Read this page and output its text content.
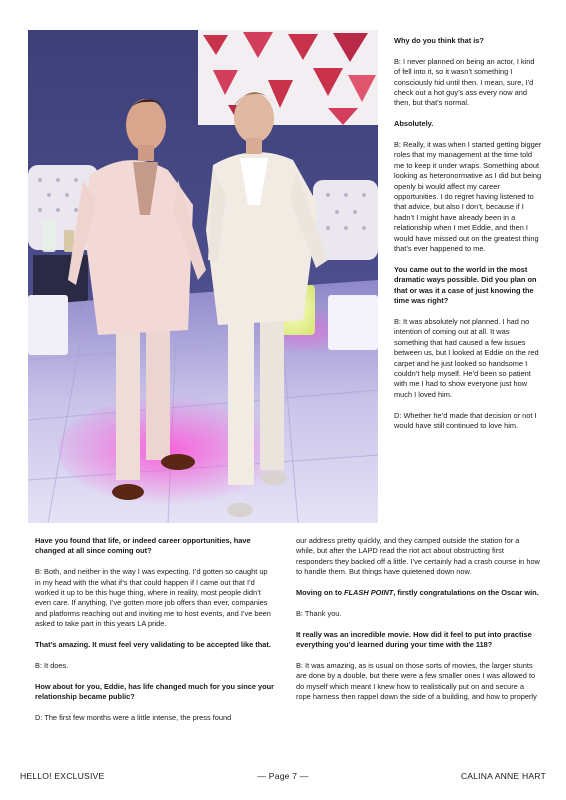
Why do you think that is?

B: I never planned on being an actor, I kind of fell into it, so it wasn’t something I consciously hid until then. I mean, sure, I’d check out a hot guy’s ass every now and then, but that’s normal.

Absolutely.

B: Really, it was when I started getting bigger roles that my management at the time told me to keep it under wraps. Something about looking as heteronormative as I did but being openly bi would affect my career opportunities. I do regret having listened to that advice, but also I don’t, because if I hadn’t I might have already been in a relationship when I met Eddie, and then I would have missed out on the greatest thing that’s ever happened to me.

You came out to the world in the most dramatic ways possible. Did you plan on that or was it a case of just knowing the time was right?

B: It was absolutely not planned. I had no intention of coming out at all. It was something that had caused a few issues between us, but I looked at Eddie on the red carpet and he just looked so handsome I couldn’t help myself. He’d been so patient with me I had to show everyone just how much I loved him.

D: Whether he’d made that decision or not I would have still continued to love him.

Have you found that life, or indeed career opportunities, have changed at all since coming out?

B: Both, and neither in the way I was expecting. I’d gotten so caught up in my head with the what if’s that could happen if I came out that I’d worked it up to be this huge thing, where in reality, most people didn’t even care. If anything, I’ve gotten more job offers than ever, companies and platforms reaching out and inviting me to host events, and I’ve been asked to take part in this years LA pride.

That’s amazing. It must feel very validating to be accepted like that.

B: It does.

How about for you, Eddie, has life changed much for you since your relationship became public?

D: The first few months were a little intense, the press found

our address pretty quickly, and they camped outside the station for a while, but after the LAPD read the riot act about obstructing first responders they backed off a little. I’ve certainly had a crash course in how to handle them. But things have quietened down now.

Moving on to FLASH POINT, firstly congratulations on the Oscar win.

B: Thank you.

It really was an incredible movie. How did it feel to put into practise everything you’d learned during your time with the 118?

B: It was amazing, as is usual on those sorts of movies, the larger stunts are done by a double, but there were a few smaller ones I was allowed to do myself which meant I knew how to realistically put on and secure a rope harness then rappel down the side of a building, and how to properly

HELLO! EXCLUSIVE	— Page 7 —	CALINA ANNE HART
